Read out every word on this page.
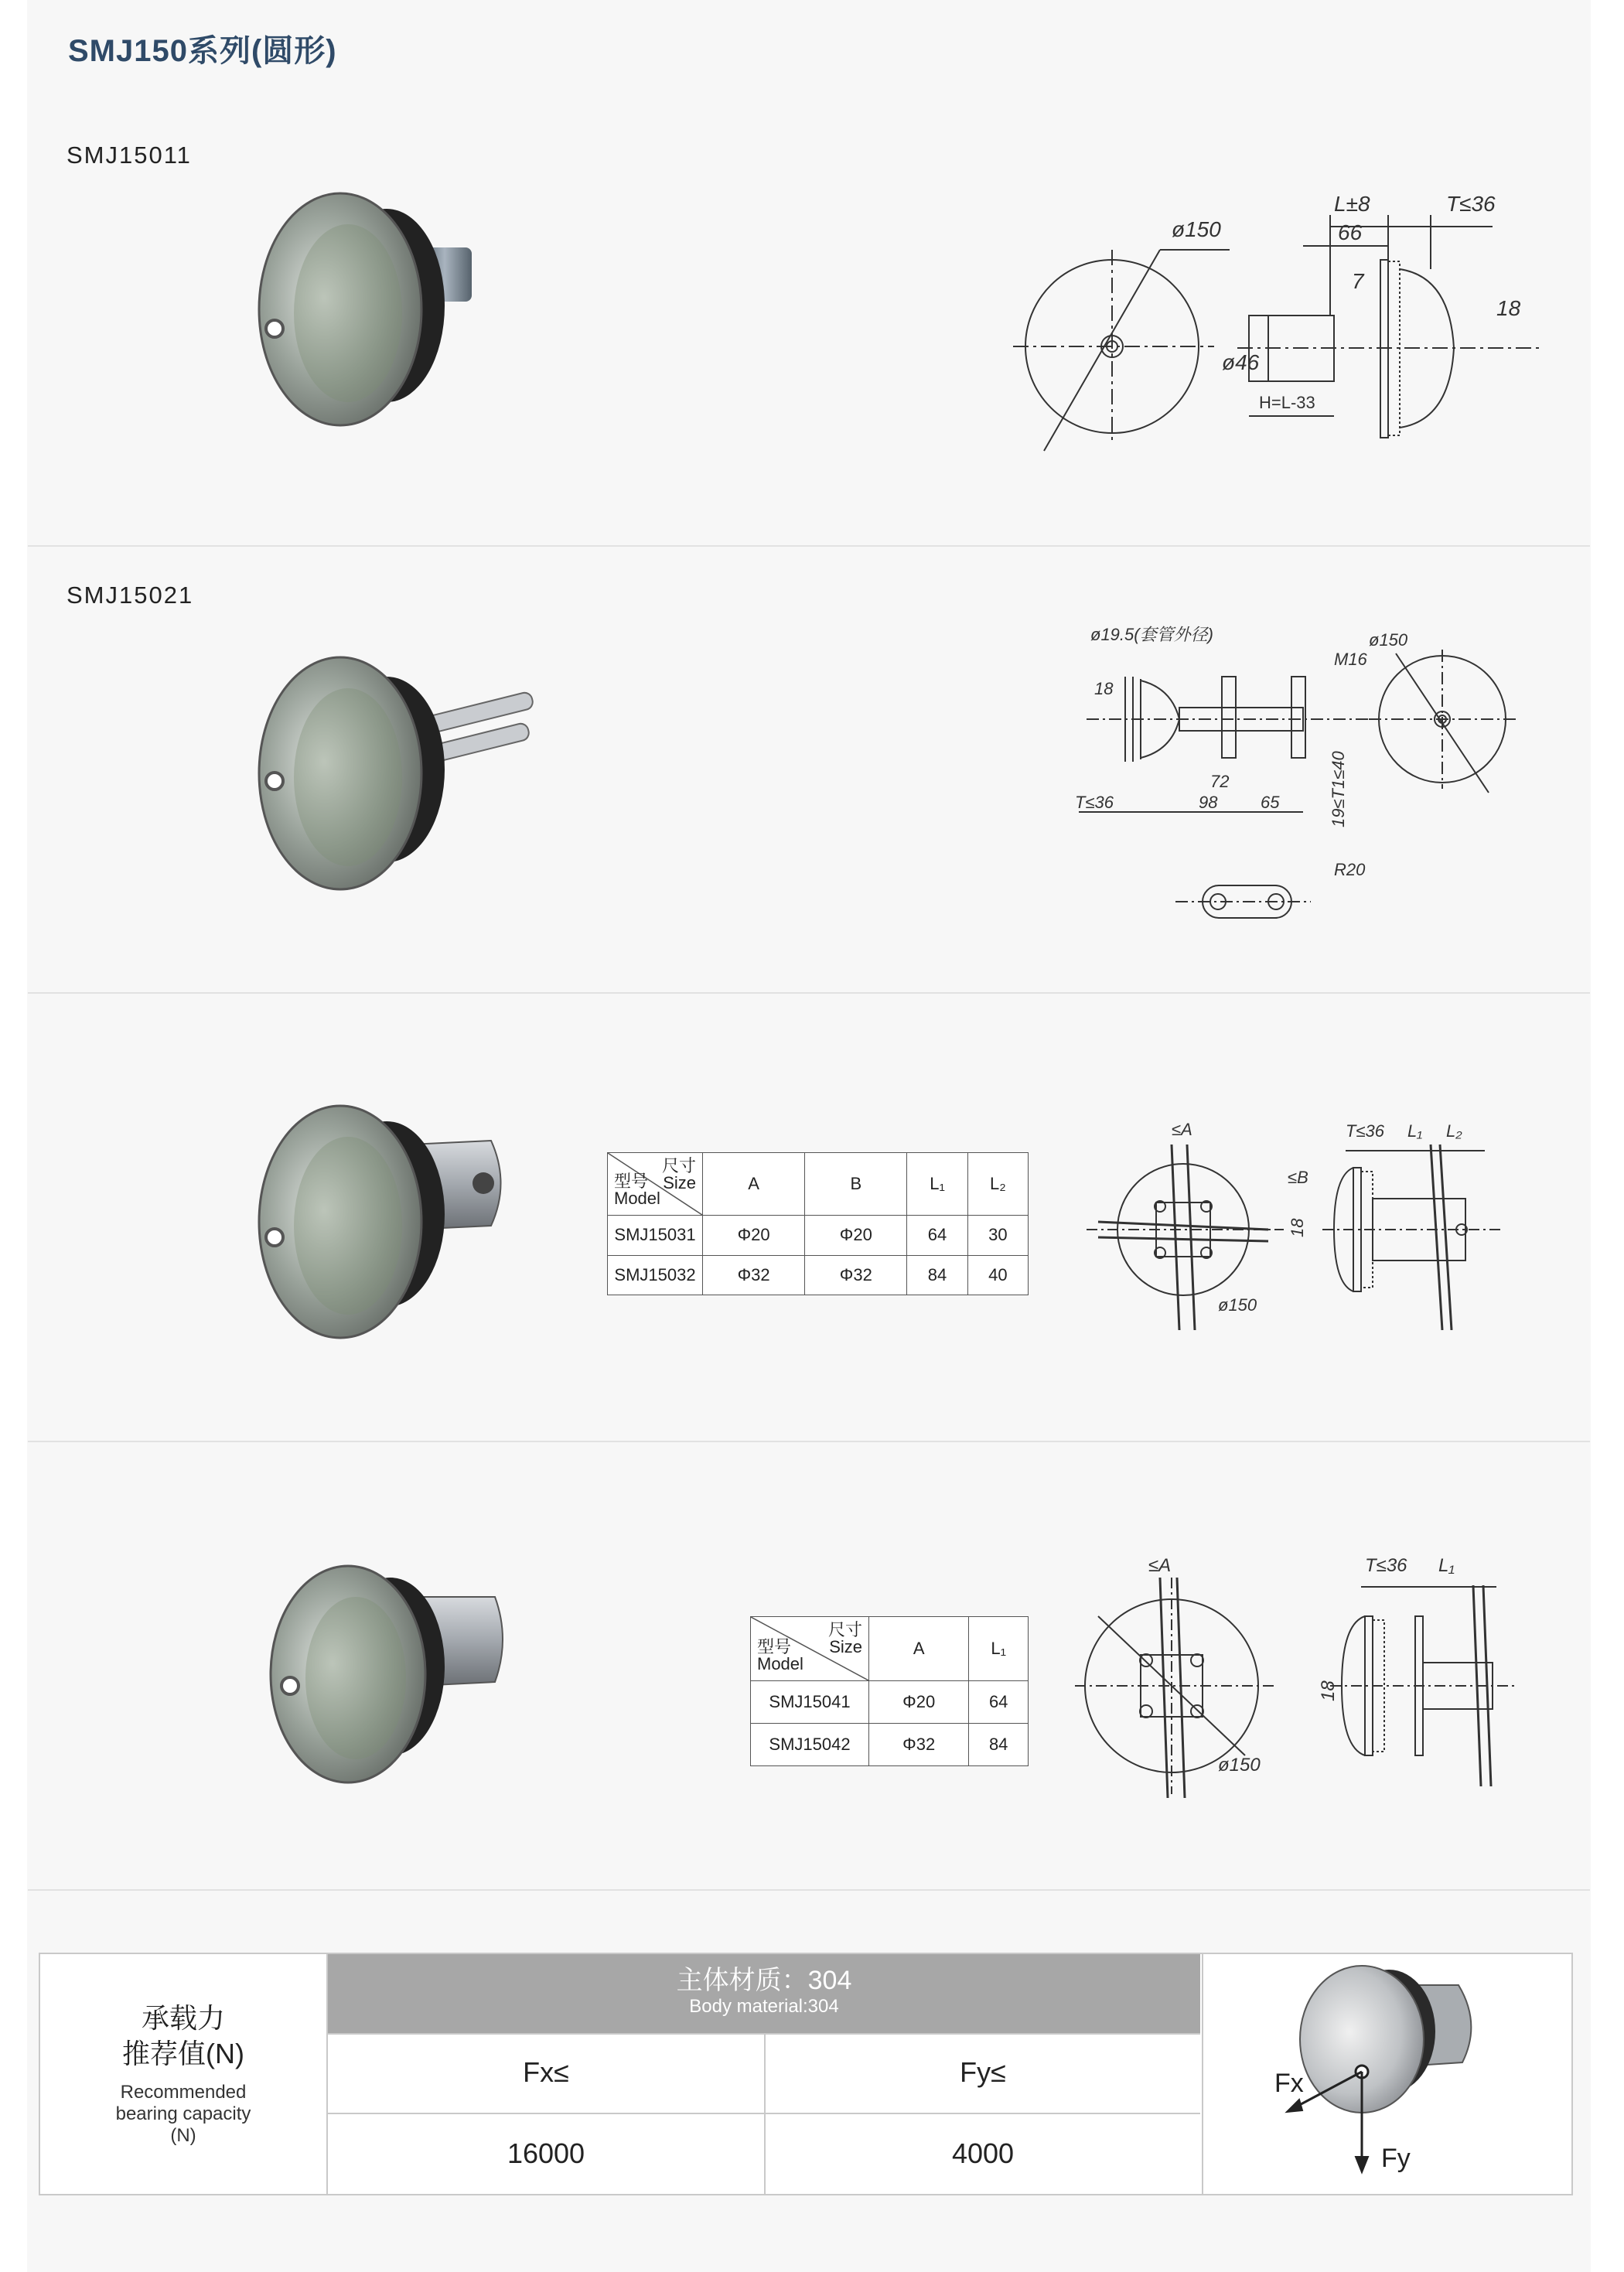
SMJ150系列(圆形)
SMJ15011
ø150
L±8	T≤36
66
7
18
ø46
H=L-33
SMJ15021
ø19.5(套管外径)	ø150
M16
18
72
T≤36	98	65	19≤T1≤40
R20
尺寸
Size
型号
Model	A	B	L₁	L₂
SMJ15031	Φ20	Φ20	64	30
SMJ15032	Φ32	Φ32	84	40
≤A
≤B
ø150
18
T≤36 L₁ L₂
尺寸
Size
型号
Model	A	L₁
SMJ15041	Φ20	64
SMJ15042	Φ32	84
≤A
ø150
18
T≤36 L₁
承载力
推荐值(N)
Recommended
bearing capacity
(N)
主体材质：304
Body material:304
Fx≤	Fy≤
16000	4000
Fx
Fy
